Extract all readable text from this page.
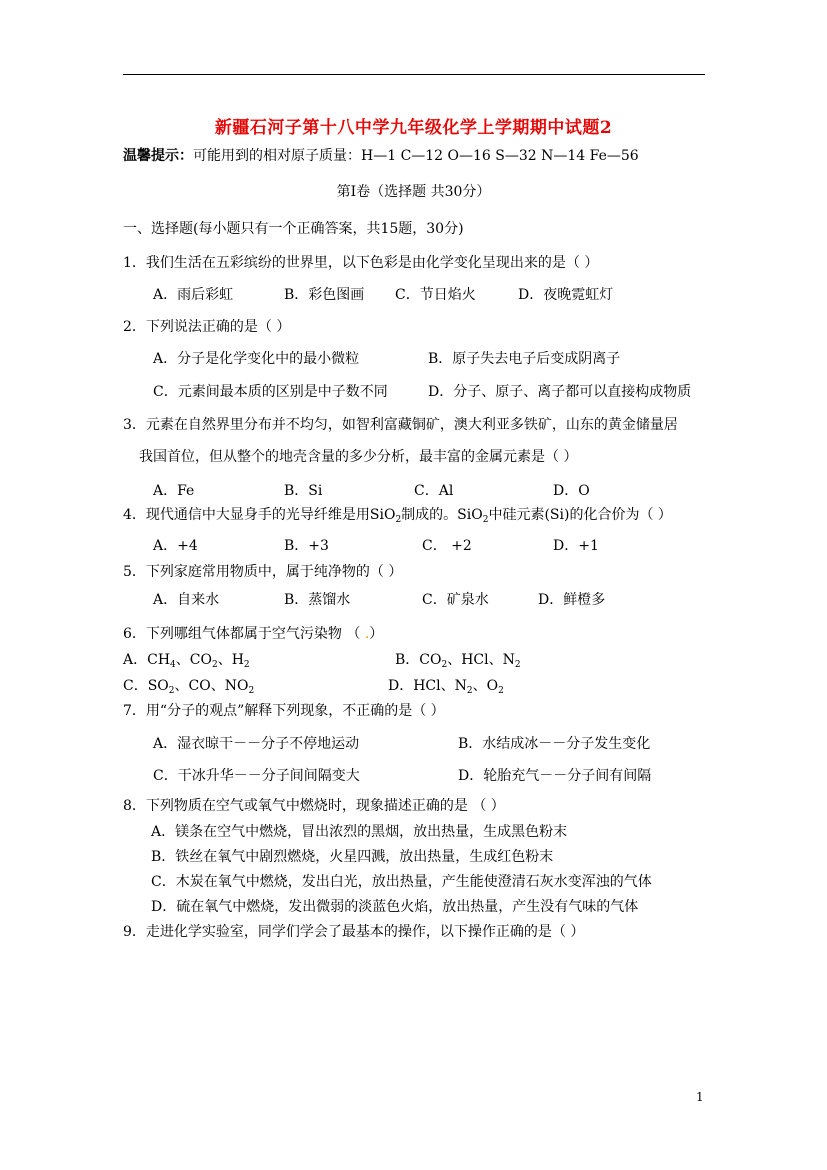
新疆石河子第十八中学九年级化学上学期期中试题2
温馨提示：可能用到的相对原子质量：H—1 C—12 O—16 S—32 N—14 Fe—56
第Ⅰ卷（选择题 共30分）
一、选择题(每小题只有一个正确答案，共15题，30分)
1．我们生活在五彩缤纷的世界里，以下色彩是由化学变化呈现出来的是（ ）
A．雨后彩虹	B．彩色图画 C．节日焰火	D．夜晚霓虹灯
2．下列说法正确的是（ ）
A．分子是化学变化中的最小微粒	B．原子失去电子后变成阴离子
C．元素间最本质的区别是中子数不同	D．分子、原子、离子都可以直接构成物质
3．元素在自然界里分布并不均匀，如智利富藏铜矿，澳大利亚多铁矿，山东的黄金储量居
我国首位，但从整个的地壳含量的多少分析，最丰富的金属元素是（ ）
A．Fe	B．Si	C．Al	D．O
4．现代通信中大显身手的光导纤维是用SiO$_2$制成的。SiO$_2$中硅元素(Si)的化合价为（ ）
A．+4	B．+3	C． +2	D．+1
5．下列家庭常用物质中，属于纯净物的（ ）
A．自来水	B．蒸馏水	C．矿泉水	D．鲜橙多
6．下列哪组气体都属于空气污染物 （ .）
A．$CH_4$、$CO_2$、$H_2$	B．$CO_2$、HCl、$N_2$
C．$SO_2$、CO、$NO_2$	D．HCl、$N_2$、$O_2$
7．用“分子的观点”解释下列现象，不正确的是（ ）
A．湿衣晾干－－分子不停地运动	B．水结成冰－－分子发生变化
C．干冰升华－－分子间间隔变大	D．轮胎充气－－分子间有间隔
8．下列物质在空气或氧气中燃烧时，现象描述正确的是 （ ）
A．镁条在空气中燃烧，冒出浓烈的黑烟，放出热量，生成黑色粉末
B．铁丝在氧气中剧烈燃烧，火星四溅，放出热量，生成红色粉末
C．木炭在氧气中燃烧，发出白光，放出热量，产生能使澄清石灰水变浑浊的气体
D．硫在氧气中燃烧，发出微弱的淡蓝色火焰，放出热量，产生没有气味的气体
9．走进化学实验室，同学们学会了最基本的操作，以下操作正确的是（ ）
1
